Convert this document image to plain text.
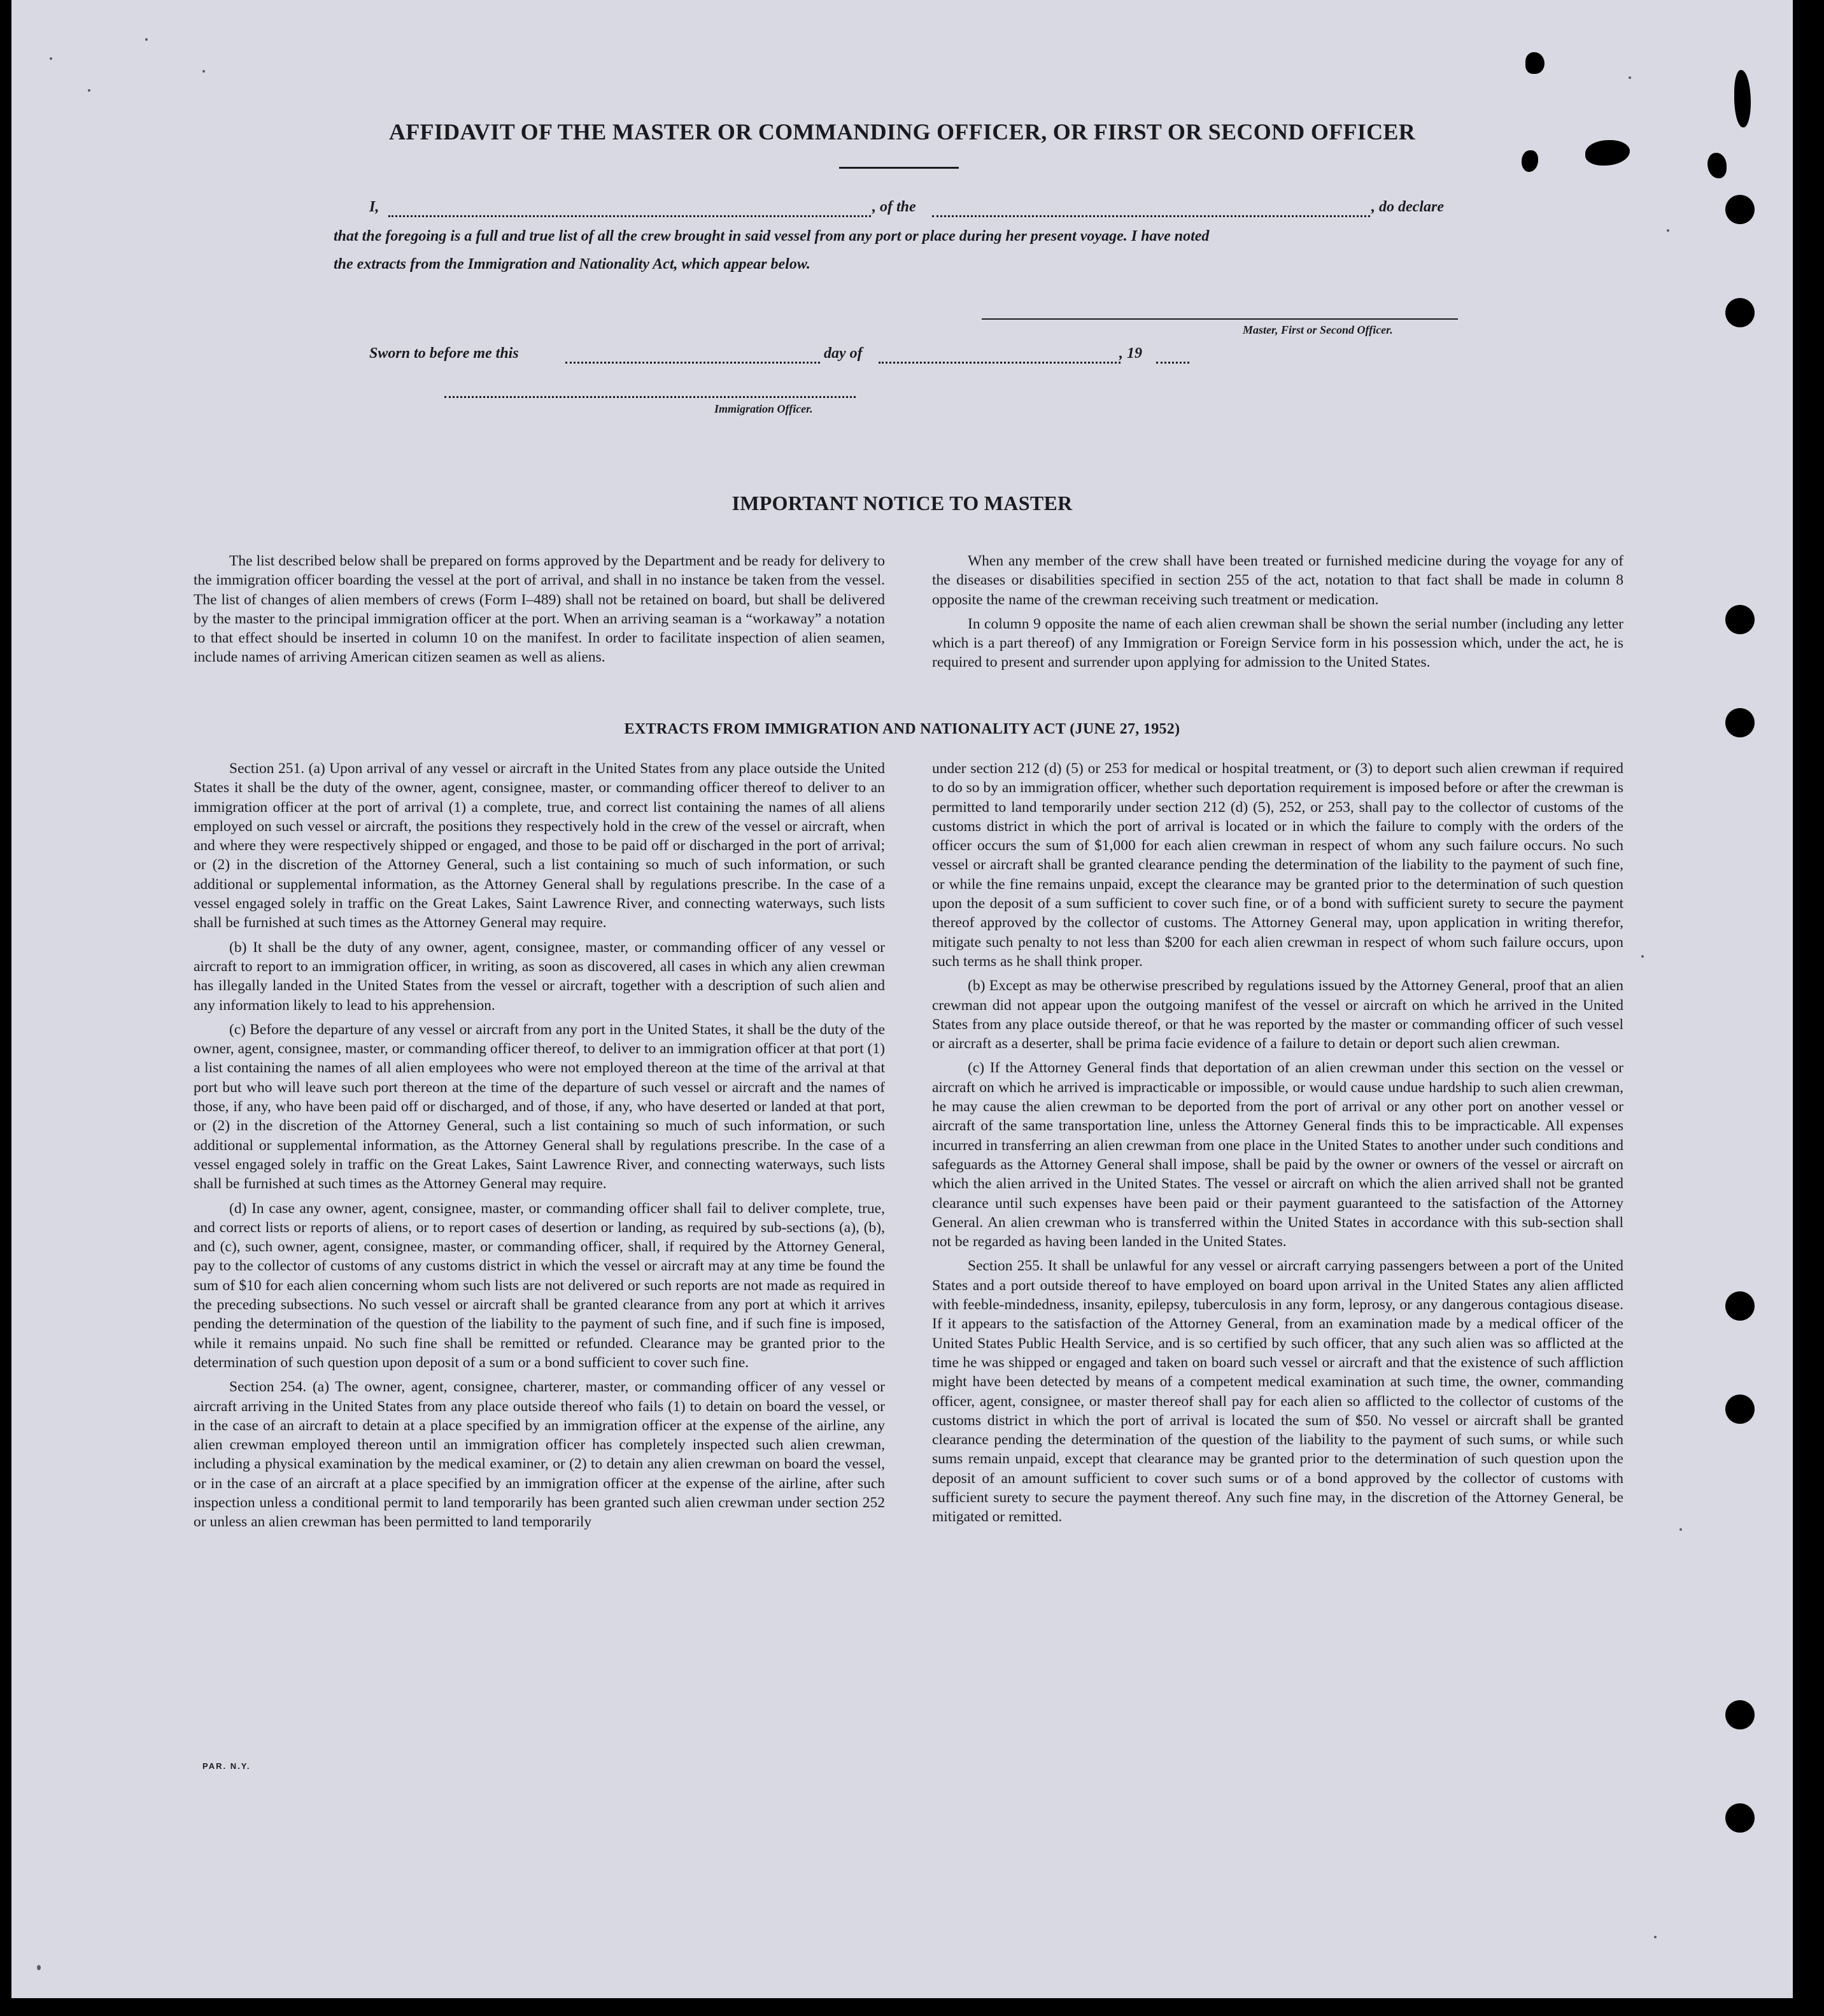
AFFIDAVIT OF THE MASTER OR COMMANDING OFFICER, OR FIRST OR SECOND OFFICER
I,	, of the	, do declare
that the foregoing is a full and true list of all the crew brought in said vessel from any port or place during her present voyage. I have noted
the extracts from the Immigration and Nationality Act, which appear below.
Master, First or Second Officer.
Sworn to before me this	day of	, 19
Immigration Officer.
IMPORTANT NOTICE TO MASTER

The list described below shall be prepared on forms approved by the Department and be ready for delivery to the immigration officer boarding the vessel at the port of arrival, and shall in no instance be taken from the vessel. The list of changes of alien members of crews (Form I–489) shall not be retained on board, but shall be delivered by the master to the principal immigration officer at the port. When an arriving seaman is a “workaway” a notation to that effect should be inserted in column 10 on the manifest. In order to facilitate inspection of alien seamen, include names of arriving American citizen seamen as well as aliens.

When any member of the crew shall have been treated or furnished medicine during the voyage for any of the diseases or disabilities specified in section 255 of the act, notation to that fact shall be made in column 8 opposite the name of the crewman receiving such treatment or medication.

In column 9 opposite the name of each alien crewman shall be shown the serial number (including any letter which is a part thereof) of any Immigration or Foreign Service form in his possession which, under the act, he is required to present and surrender upon applying for admission to the United States.

EXTRACTS FROM IMMIGRATION AND NATIONALITY ACT (JUNE 27, 1952)

Section 251. (a) Upon arrival of any vessel or aircraft in the United States from any place outside the United States it shall be the duty of the owner, agent, consignee, master, or commanding officer thereof to deliver to an immigration officer at the port of arrival (1) a complete, true, and correct list containing the names of all aliens employed on such vessel or aircraft, the positions they respectively hold in the crew of the vessel or aircraft, when and where they were respectively shipped or engaged, and those to be paid off or discharged in the port of arrival; or (2) in the discretion of the Attorney General, such a list containing so much of such information, or such additional or supplemental information, as the Attorney General shall by regulations prescribe. In the case of a vessel engaged solely in traffic on the Great Lakes, Saint Lawrence River, and connecting waterways, such lists shall be furnished at such times as the Attorney General may require.

(b) It shall be the duty of any owner, agent, consignee, master, or commanding officer of any vessel or aircraft to report to an immigration officer, in writing, as soon as discovered, all cases in which any alien crewman has illegally landed in the United States from the vessel or aircraft, together with a description of such alien and any information likely to lead to his apprehension.

(c) Before the departure of any vessel or aircraft from any port in the United States, it shall be the duty of the owner, agent, consignee, master, or commanding officer thereof, to deliver to an immigration officer at that port (1) a list containing the names of all alien employees who were not employed thereon at the time of the arrival at that port but who will leave such port thereon at the time of the departure of such vessel or aircraft and the names of those, if any, who have been paid off or discharged, and of those, if any, who have deserted or landed at that port, or (2) in the discretion of the Attorney General, such a list containing so much of such information, or such additional or supplemental information, as the Attorney General shall by regulations prescribe. In the case of a vessel engaged solely in traffic on the Great Lakes, Saint Lawrence River, and connecting waterways, such lists shall be furnished at such times as the Attorney General may require.

(d) In case any owner, agent, consignee, master, or commanding officer shall fail to deliver complete, true, and correct lists or reports of aliens, or to report cases of desertion or landing, as required by sub-sections (a), (b), and (c), such owner, agent, consignee, master, or commanding officer, shall, if required by the Attorney General, pay to the collector of customs of any customs district in which the vessel or aircraft may at any time be found the sum of $10 for each alien concerning whom such lists are not delivered or such reports are not made as required in the preceding subsections. No such vessel or aircraft shall be granted clearance from any port at which it arrives pending the determination of the question of the liability to the payment of such fine, and if such fine is imposed, while it remains unpaid. No such fine shall be remitted or refunded. Clearance may be granted prior to the determination of such question upon deposit of a sum or a bond sufficient to cover such fine.

Section 254. (a) The owner, agent, consignee, charterer, master, or commanding officer of any vessel or aircraft arriving in the United States from any place outside thereof who fails (1) to detain on board the vessel, or in the case of an aircraft to detain at a place specified by an immigration officer at the expense of the airline, any alien crewman employed thereon until an immigration officer has completely inspected such alien crewman, including a physical examination by the medical examiner, or (2) to detain any alien crewman on board the vessel, or in the case of an aircraft at a place specified by an immigration officer at the expense of the airline, after such inspection unless a conditional permit to land temporarily has been granted such alien crewman under section 252 or unless an alien crewman has been permitted to land temporarily

under section 212 (d) (5) or 253 for medical or hospital treatment, or (3) to deport such alien crewman if required to do so by an immigration officer, whether such deportation requirement is imposed before or after the crewman is permitted to land temporarily under section 212 (d) (5), 252, or 253, shall pay to the collector of customs of the customs district in which the port of arrival is located or in which the failure to comply with the orders of the officer occurs the sum of $1,000 for each alien crewman in respect of whom any such failure occurs. No such vessel or aircraft shall be granted clearance pending the determination of the liability to the payment of such fine, or while the fine remains unpaid, except the clearance may be granted prior to the determination of such question upon the deposit of a sum sufficient to cover such fine, or of a bond with sufficient surety to secure the payment thereof approved by the collector of customs. The Attorney General may, upon application in writing therefor, mitigate such penalty to not less than $200 for each alien crewman in respect of whom such failure occurs, upon such terms as he shall think proper.

(b) Except as may be otherwise prescribed by regulations issued by the Attorney General, proof that an alien crewman did not appear upon the outgoing manifest of the vessel or aircraft on which he arrived in the United States from any place outside thereof, or that he was reported by the master or commanding officer of such vessel or aircraft as a deserter, shall be prima facie evidence of a failure to detain or deport such alien crewman.

(c) If the Attorney General finds that deportation of an alien crewman under this section on the vessel or aircraft on which he arrived is impracticable or impossible, or would cause undue hardship to such alien crewman, he may cause the alien crewman to be deported from the port of arrival or any other port on another vessel or aircraft of the same transportation line, unless the Attorney General finds this to be impracticable. All expenses incurred in transferring an alien crewman from one place in the United States to another under such conditions and safeguards as the Attorney General shall impose, shall be paid by the owner or owners of the vessel or aircraft on which the alien arrived in the United States. The vessel or aircraft on which the alien arrived shall not be granted clearance until such expenses have been paid or their payment guaranteed to the satisfaction of the Attorney General. An alien crewman who is transferred within the United States in accordance with this sub-section shall not be regarded as having been landed in the United States.

Section 255. It shall be unlawful for any vessel or aircraft carrying passengers between a port of the United States and a port outside thereof to have employed on board upon arrival in the United States any alien afflicted with feeble-mindedness, insanity, epilepsy, tuberculosis in any form, leprosy, or any dangerous contagious disease. If it appears to the satisfaction of the Attorney General, from an examination made by a medical officer of the United States Public Health Service, and is so certified by such officer, that any such alien was so afflicted at the time he was shipped or engaged and taken on board such vessel or aircraft and that the existence of such affliction might have been detected by means of a competent medical examination at such time, the owner, commanding officer, agent, consignee, or master thereof shall pay for each alien so afflicted to the collector of customs of the customs district in which the port of arrival is located the sum of $50. No vessel or aircraft shall be granted clearance pending the determination of the question of the liability to the payment of such sums, or while such sums remain unpaid, except that clearance may be granted prior to the determination of such question upon the deposit of an amount sufficient to cover such sums or of a bond approved by the collector of customs with sufficient surety to secure the payment thereof. Any such fine may, in the discretion of the Attorney General, be mitigated or remitted.

PAR. N.Y.
